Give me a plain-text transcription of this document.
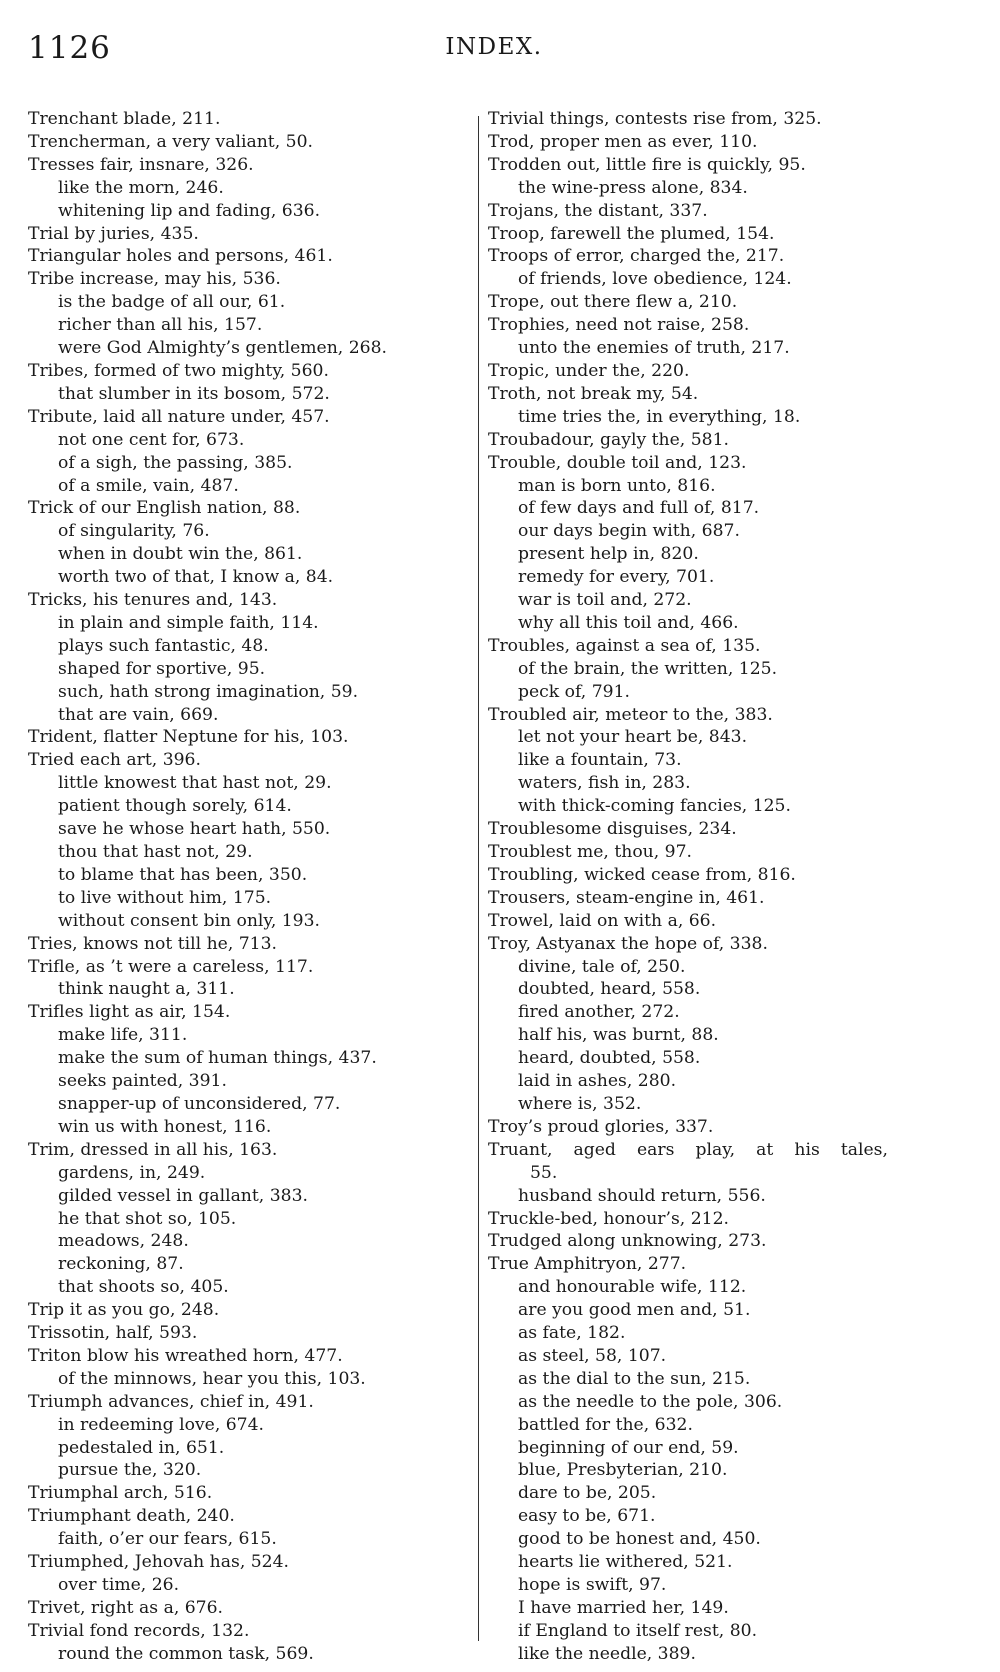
1126	INDEX.
Trenchant blade, 211.
Trencherman, a very valiant, 50.
Tresses fair, insnare, 326.
like the morn, 246.
whitening lip and fading, 636.
Trial by juries, 435.
Triangular holes and persons, 461.
Tribe increase, may his, 536.
is the badge of all our, 61.
richer than all his, 157.
were God Almighty’s gentlemen, 268.
Tribes, formed of two mighty, 560.
that slumber in its bosom, 572.
Tribute, laid all nature under, 457.
not one cent for, 673.
of a sigh, the passing, 385.
of a smile, vain, 487.
Trick of our English nation, 88.
of singularity, 76.
when in doubt win the, 861.
worth two of that, I know a, 84.
Tricks, his tenures and, 143.
in plain and simple faith, 114.
plays such fantastic, 48.
shaped for sportive, 95.
such, hath strong imagination, 59.
that are vain, 669.
Trident, flatter Neptune for his, 103.
Tried each art, 396.
little knowest that hast not, 29.
patient though sorely, 614.
save he whose heart hath, 550.
thou that hast not, 29.
to blame that has been, 350.
to live without him, 175.
without consent bin only, 193.
Tries, knows not till he, 713.
Trifle, as ’t were a careless, 117.
think naught a, 311.
Trifles light as air, 154.
make life, 311.
make the sum of human things, 437.
seeks painted, 391.
snapper-up of unconsidered, 77.
win us with honest, 116.
Trim, dressed in all his, 163.
gardens, in, 249.
gilded vessel in gallant, 383.
he that shot so, 105.
meadows, 248.
reckoning, 87.
that shoots so, 405.
Trip it as you go, 248.
Trissotin, half, 593.
Triton blow his wreathed horn, 477.
of the minnows, hear you this, 103.
Triumph advances, chief in, 491.
in redeeming love, 674.
pedestaled in, 651.
pursue the, 320.
Triumphal arch, 516.
Triumphant death, 240.
faith, o’er our fears, 615.
Triumphed, Jehovah has, 524.
over time, 26.
Trivet, right as a, 676.
Trivial fond records, 132.
round the common task, 569.
Trivial things, contests rise from, 325.
Trod, proper men as ever, 110.
Trodden out, little fire is quickly, 95.
the wine-press alone, 834.
Trojans, the distant, 337.
Troop, farewell the plumed, 154.
Troops of error, charged the, 217.
of friends, love obedience, 124.
Trope, out there flew a, 210.
Trophies, need not raise, 258.
unto the enemies of truth, 217.
Tropic, under the, 220.
Troth, not break my, 54.
time tries the, in everything, 18.
Troubadour, gayly the, 581.
Trouble, double toil and, 123.
man is born unto, 816.
of few days and full of, 817.
our days begin with, 687.
present help in, 820.
remedy for every, 701.
war is toil and, 272.
why all this toil and, 466.
Troubles, against a sea of, 135.
of the brain, the written, 125.
peck of, 791.
Troubled air, meteor to the, 383.
let not your heart be, 843.
like a fountain, 73.
waters, fish in, 283.
with thick-coming fancies, 125.
Troublesome disguises, 234.
Troublest me, thou, 97.
Troubling, wicked cease from, 816.
Trousers, steam-engine in, 461.
Trowel, laid on with a, 66.
Troy, Astyanax the hope of, 338.
divine, tale of, 250.
doubted, heard, 558.
fired another, 272.
half his, was burnt, 88.
heard, doubted, 558.
laid in ashes, 280.
where is, 352.
Troy’s proud glories, 337.
Truant, aged ears play, at his tales,
55.
husband should return, 556.
Truckle-bed, honour’s, 212.
Trudged along unknowing, 273.
True Amphitryon, 277.
and honourable wife, 112.
are you good men and, 51.
as fate, 182.
as steel, 58, 107.
as the dial to the sun, 215.
as the needle to the pole, 306.
battled for the, 632.
beginning of our end, 59.
blue, Presbyterian, 210.
dare to be, 205.
easy to be, 671.
good to be honest and, 450.
hearts lie withered, 521.
hope is swift, 97.
I have married her, 149.
if England to itself rest, 80.
like the needle, 389.
